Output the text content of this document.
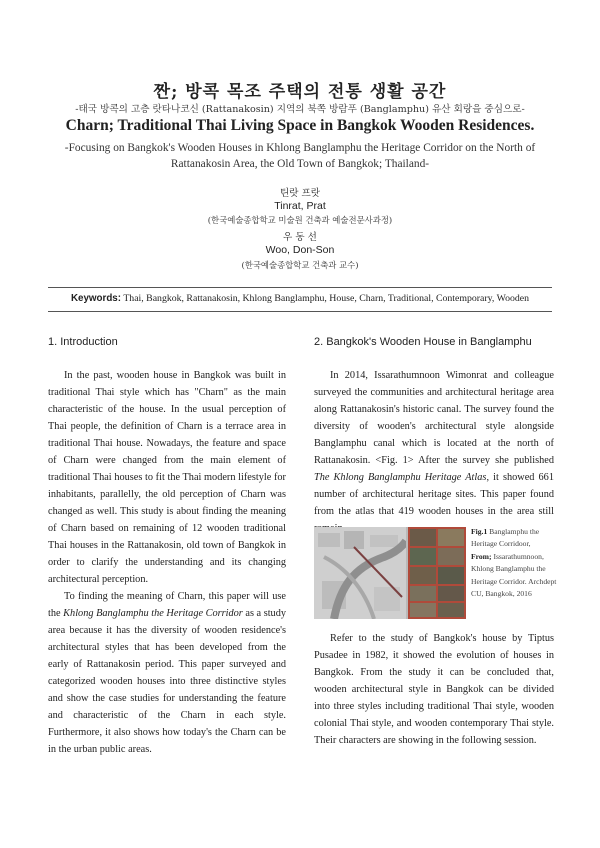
짠; 방콕 목조 주택의 전통 생활 공간
-태국 방콕의 고층 랏타나코신 (Rattanakosin) 지역의 북쪽 방람푸 (Banglamphu) 유산 회랑을 중심으로-
Charn; Traditional Thai Living Space in Bangkok Wooden Residences.
-Focusing on Bangkok's Wooden Houses in Khlong Banglamphu the Heritage Corridor on the North of Rattanakosin Area, the Old Town of Bangkok; Thailand-
틴랏 프랏
Tinrat, Prat
(한국예술종합학교 미술원 건축과 예술전문사과정)
우 동 선
Woo, Don-Son
(한국예술종합학교 건축과 교수)
Keywords: Thai, Bangkok, Rattanakosin, Khlong Banglamphu, House, Charn, Traditional, Contemporary, Wooden
1. Introduction

In the past, wooden house in Bangkok was built in traditional Thai style which has "Charn" as the main characteristic of the house. In the usual perception of Thai people, the definition of Charn is a terrace area in traditional Thai house. Nowadays, the feature and space of Charn were changed from the main element of traditional Thai houses to fit the Thai modern lifestyle for inhabitants, parallelly, the old perception of Charn was changed as well. This study is about finding the meaning of Charn based on remaining of 12 wooden traditional Thai houses in the Rattanakosin, old town of Bangkok in order to clarify the understanding and its changing architectural perception.

To finding the meaning of Charn, this paper will use the Khlong Banglamphu the Heritage Corridor as a study area because it has the diversity of wooden residence's architectural styles that has been developed from the early of Rattanakosin period. This paper surveyed and categorized wooden houses into three distinctive styles and show the case studies for understanding the feature and characteristic of the Charn in each style. Furthermore, it also shows how today's the Charn can be in the urban public areas.

2. Bangkok's Wooden House in Banglamphu

In 2014, Issarathumnoon Wimonrat and colleague surveyed the communities and architectural heritage area along Rattanakosin's historic canal. The survey found the diversity of wooden's architectural style alongside Banglamphu canal which is located at the north of Rattanakosin. <Fig. 1> After the survey she published The Khlong Banglamphu Heritage Atlas, it showed 661 number of architectural heritage sites. This paper found from the atlas that 419 wooden houses in the area still

Fig.1 Banglamphu the Heritage Corridoor,
From; Issarathumnoon, Khlong Banglamphu the Heritage Corridor. Archdept CU, Bangkok, 2016

Refer to the study of Bangkok's house by Tiptus Pusadee in 1982, it showed the evolution of houses in Bangkok. From the study it can be concluded that, wooden architectural style in Bangkok can be divided into three styles including traditional Thai style, wooden colonial Thai style, and wooden contemporary Thai style. Their characters are showing in the following session.
